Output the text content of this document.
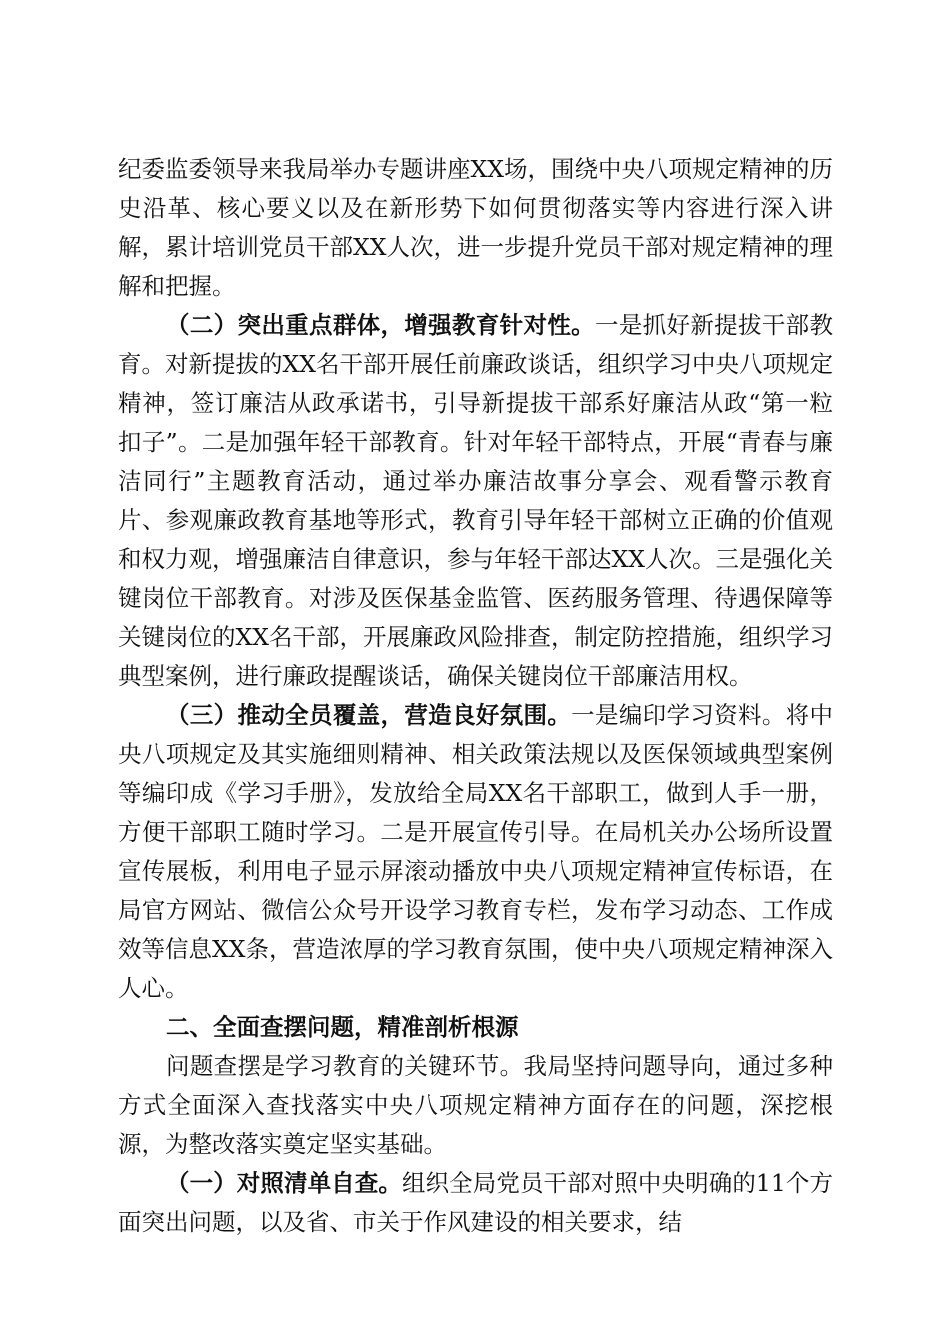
纪委监委领导来我局举办专题讲座XX场，围绕中央八项规定精神的历史沿革、核心要义以及在新形势下如何贯彻落实等内容进行深入讲解，累计培训党员干部XX人次，进一步提升党员干部对规定精神的理解和把握。

（二）突出重点群体，增强教育针对性。一是抓好新提拔干部教育。对新提拔的XX名干部开展任前廉政谈话，组织学习中央八项规定精神，签订廉洁从政承诺书，引导新提拔干部系好廉洁从政“第一粒扣子”。二是加强年轻干部教育。针对年轻干部特点，开展“青春与廉洁同行”主题教育活动，通过举办廉洁故事分享会、观看警示教育片、参观廉政教育基地等形式，教育引导年轻干部树立正确的价值观和权力观，增强廉洁自律意识，参与年轻干部达XX人次。三是强化关键岗位干部教育。对涉及医保基金监管、医药服务管理、待遇保障等关键岗位的XX名干部，开展廉政风险排查，制定防控措施，组织学习典型案例，进行廉政提醒谈话，确保关键岗位干部廉洁用权。

（三）推动全员覆盖，营造良好氛围。一是编印学习资料。将中央八项规定及其实施细则精神、相关政策法规以及医保领域典型案例等编印成《学习手册》，发放给全局XX名干部职工，做到人手一册，方便干部职工随时学习。二是开展宣传引导。在局机关办公场所设置宣传展板，利用电子显示屏滚动播放中央八项规定精神宣传标语，在局官方网站、微信公众号开设学习教育专栏，发布学习动态、工作成效等信息XX条，营造浓厚的学习教育氛围，使中央八项规定精神深入人心。

二、全面查摆问题，精准剖析根源

问题查摆是学习教育的关键环节。我局坚持问题导向，通过多种方式全面深入查找落实中央八项规定精神方面存在的问题，深挖根源，为整改落实奠定坚实基础。

（一）对照清单自查。组织全局党员干部对照中央明确的11个方面突出问题，以及省、市关于作风建设的相关要求，结
